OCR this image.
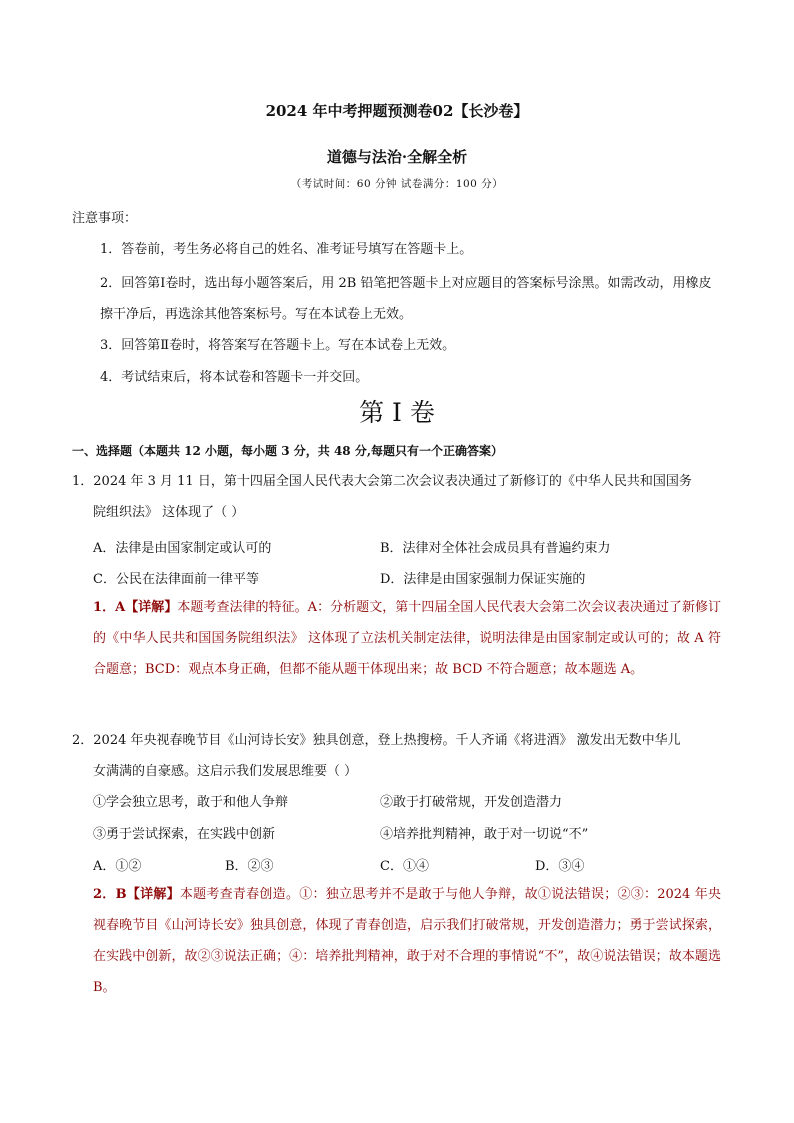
2024 年中考押题预测卷02【长沙卷】
道德与法治·全解全析
（考试时间：60 分钟 试卷满分：100 分）
注意事项：
1．答卷前，考生务必将自己的姓名、准考证号填写在答题卡上。
2．回答第Ⅰ卷时，选出每小题答案后，用 2B 铅笔把答题卡上对应题目的答案标号涂黑。如需改动，用橡皮擦干净后，再选涂其他答案标号。写在本试卷上无效。
3．回答第Ⅱ卷时，将答案写在答题卡上。写在本试卷上无效。
4．考试结束后，将本试卷和答题卡一并交回。
第 I 卷
一、选择题（本题共 12 小题，每小题 3 分，共 48 分,每题只有一个正确答案）
1．2024 年 3 月 11 日，第十四届全国人民代表大会第二次会议表决通过了新修订的《中华人民共和国国务
院组织法》 这体现了（ ）
A．法律是由国家制定或认可的	B．法律对全体社会成员具有普遍约束力
C．公民在法律面前一律平等	D．法律是由国家强制力保证实施的
1．A【详解】本题考查法律的特征。A：分析题文，第十四届全国人民代表大会第二次会议表决通过了新修订的《中华人民共和国国务院组织法》 这体现了立法机关制定法律，说明法律是由国家制定或认可的；故 A 符合题意；BCD：观点本身正确，但都不能从题干体现出来；故 BCD 不符合题意；故本题选 A。
2．2024 年央视春晚节目《山河诗长安》独具创意，登上热搜榜。千人齐诵《将进酒》 激发出无数中华儿
女满满的自豪感。这启示我们发展思维要（ ）
①学会独立思考，敢于和他人争辩	②敢于打破常规，开发创造潜力
③勇于尝试探索，在实践中创新	④培养批判精神，敢于对一切说“不”
A．①②	B．②③	C．①④	D．③④
2．B【详解】本题考查青春创造。①：独立思考并不是敢于与他人争辩，故①说法错误；②③：2024 年央视春晚节目《山河诗长安》独具创意，体现了青春创造，启示我们打破常规，开发创造潜力；勇于尝试探索，在实践中创新，故②③说法正确；④：培养批判精神，敢于对不合理的事情说“不”，故④说法错误；故本题选 B。
